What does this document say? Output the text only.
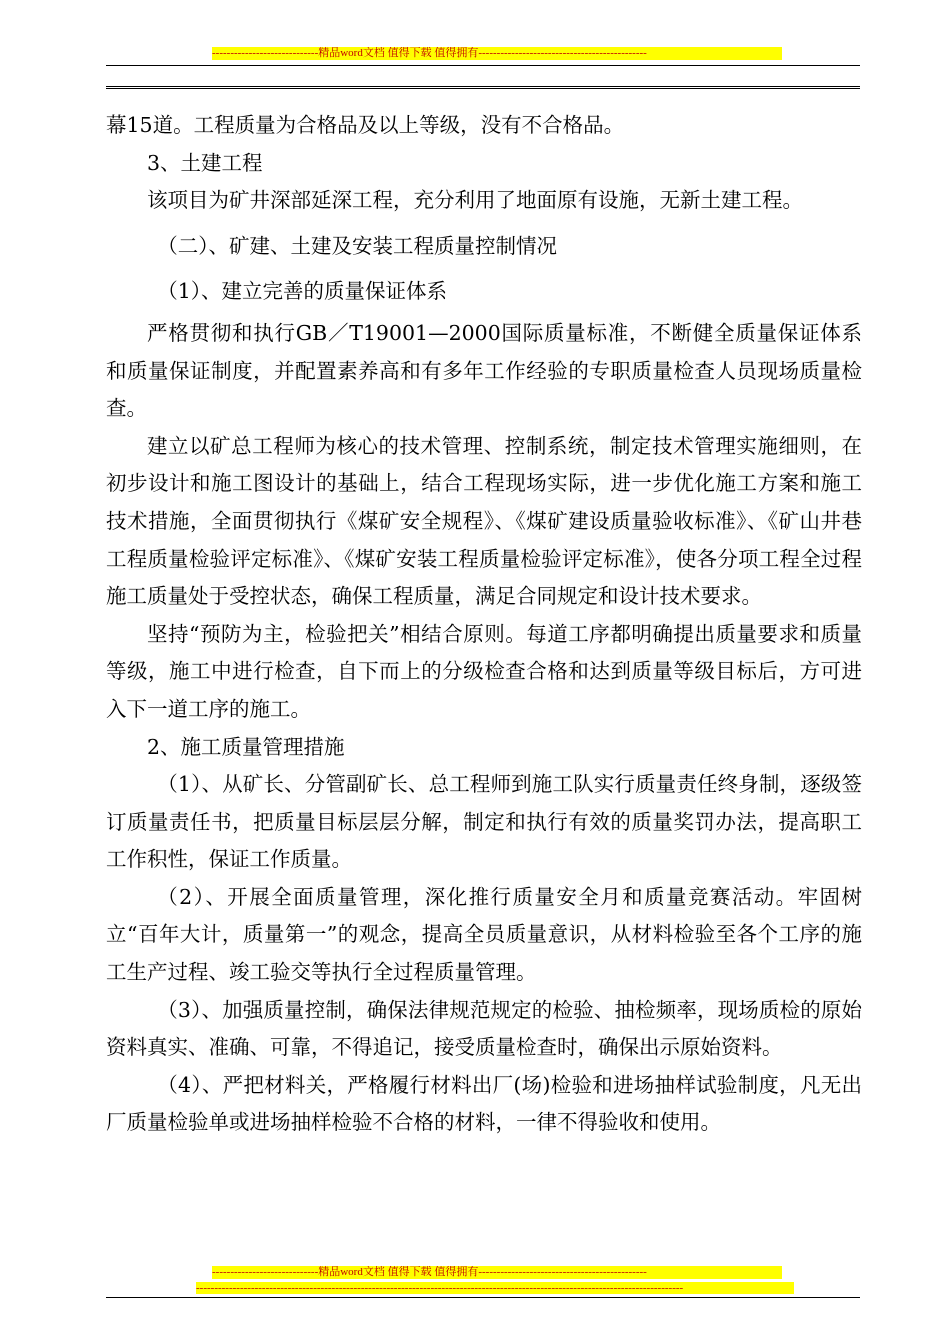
-----------------------------精品word文档 值得下载 值得拥有----------------------------------------------

幕15道。工程质量为合格品及以上等级，没有不合格品。

3、土建工程

该项目为矿井深部延深工程，充分利用了地面原有设施，无新土建工程。

（二）、矿建、土建及安装工程质量控制情况

（1）、建立完善的质量保证体系

严格贯彻和执行GB／T19001—2000国际质量标准，不断健全质量保证体系和质量保证制度，并配置素养高和有多年工作经验的专职质量检查人员现场质量检查。

建立以矿总工程师为核心的技术管理、控制系统，制定技术管理实施细则，在初步设计和施工图设计的基础上，结合工程现场实际，进一步优化施工方案和施工技术措施，全面贯彻执行《煤矿安全规程》、《煤矿建设质量验收标准》、《矿山井巷工程质量检验评定标准》、《煤矿安装工程质量检验评定标准》，使各分项工程全过程施工质量处于受控状态，确保工程质量，满足合同规定和设计技术要求。

坚持“预防为主，检验把关”相结合原则。每道工序都明确提出质量要求和质量等级，施工中进行检查，自下而上的分级检查合格和达到质量等级目标后，方可进入下一道工序的施工。

2、施工质量管理措施

（1）、从矿长、分管副矿长、总工程师到施工队实行质量责任终身制，逐级签订质量责任书，把质量目标层层分解，制定和执行有效的质量奖罚办法，提高职工工作积性，保证工作质量。

（2）、开展全面质量管理，深化推行质量安全月和质量竞赛活动。牢固树立“百年大计，质量第一”的观念，提高全员质量意识，从材料检验至各个工序的施工生产过程、竣工验交等执行全过程质量管理。

（3）、加强质量控制，确保法律规范规定的检验、抽检频率，现场质检的原始资料真实、准确、可靠，不得追记，接受质量检查时，确保出示原始资料。

（4）、严把材料关，严格履行材料出厂(场)检验和进场抽样试验制度，凡无出厂质量检验单或进场抽样检验不合格的材料，一律不得验收和使用。

-----------------------------精品word文档 值得下载 值得拥有----------------------------------------------
-------------------------------------------------------------------------------------------------------------------------------------
